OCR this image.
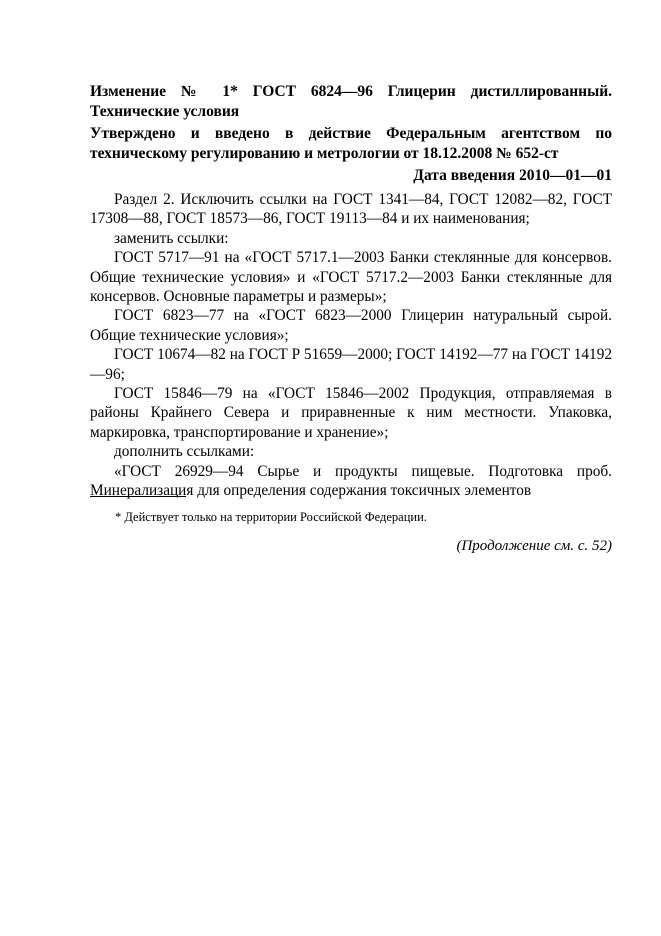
Изменение № 1* ГОСТ 6824—96 Глицерин дистиллированный. Технические условия
Утверждено и введено в действие Федеральным агентством по техническому регулированию и метрологии от 18.12.2008 № 652-ст
Дата введения 2010—01—01

Раздел 2. Исключить ссылки на ГОСТ 1341—84, ГОСТ 12082—82, ГОСТ 17308—88, ГОСТ 18573—86, ГОСТ 19113—84 и их наименования;

заменить ссылки:

ГОСТ 5717—91 на «ГОСТ 5717.1—2003 Банки стеклянные для консервов. Общие технические условия» и «ГОСТ 5717.2—2003 Банки стеклянные для консервов. Основные параметры и размеры»;

ГОСТ 6823—77 на «ГОСТ 6823—2000 Глицерин натуральный сырой. Общие технические условия»;

ГОСТ 10674—82 на ГОСТ Р 51659—2000; ГОСТ 14192—77 на ГОСТ 14192—96;

ГОСТ 15846—79 на «ГОСТ 15846—2002 Продукция, отправляемая в районы Крайнего Севера и приравненные к ним местности. Упаковка, маркировка, транспортирование и хранение»;

дополнить ссылками:

«ГОСТ 26929—94 Сырье и продукты пищевые. Подготовка проб. Минерализация для определения содержания токсичных элементов

* Действует только на территории Российской Федерации.
(Продолжение см. с. 52)
